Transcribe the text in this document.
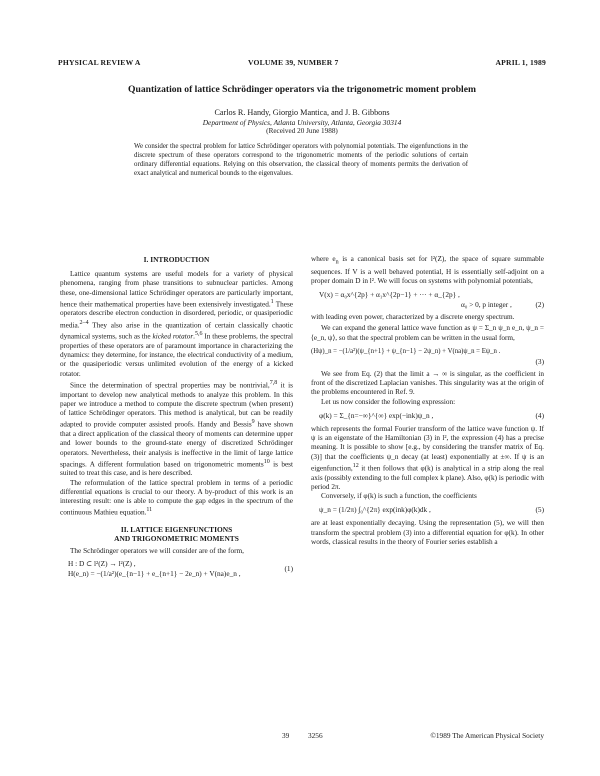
PHYSICAL REVIEW A	VOLUME 39, NUMBER 7	APRIL 1, 1989
Quantization of lattice Schrödinger operators via the trigonometric moment problem
Carlos R. Handy, Giorgio Mantica, and J. B. Gibbons
Department of Physics, Atlanta University, Atlanta, Georgia 30314
(Received 20 June 1988)

We consider the spectral problem for lattice Schrödinger operators with polynomial potentials. The eigenfunctions in the discrete spectrum of these operators correspond to the trigonometric moments of the periodic solutions of certain ordinary differential equations. Relying on this observation, the classical theory of moments permits the derivation of exact analytical and numerical bounds to the eigenvalues.

I. INTRODUCTION

Lattice quantum systems are useful models for a variety of physical phenomena, ranging from phase transitions to subnuclear particles. Among these, one-dimensional lattice Schrödinger operators are particularly important, hence their mathematical properties have been extensively investigated.$^1$ These operators describe electron conduction in disordered, periodic, or quasiperiodic media.$^{2-4}$ They also arise in the quantization of certain classically chaotic dynamical systems, such as the kicked rotator.$^{5,6}$ In these problems, the spectral properties of these operators are of paramount importance in characterizing the dynamics: they determine, for instance, the electrical conductivity of a medium, or the quasiperiodic versus unlimited evolution of the energy of a kicked rotator.

Since the determination of spectral properties may be nontrivial,$^{7,8}$ it is important to develop new analytical methods to analyze this problem. In this paper we introduce a method to compute the discrete spectrum (when present) of lattice Schrödinger operators. This method is analytical, but can be readily adapted to provide computer assisted proofs. Handy and Bessis$^9$ have shown that a direct application of the classical theory of moments can determine upper and lower bounds to the ground-state energy of discretized Schrödinger operators. Nevertheless, their analysis is ineffective in the limit of large lattice spacings. A different formulation based on trigonometric moments$^{10}$ is best suited to treat this case, and is here described.

The reformulation of the lattice spectral problem in terms of a periodic differential equations is crucial to our theory. A by-product of this work is an interesting result: one is able to compute the gap edges in the spectrum of the continuous Mathieu equation.$^{11}$

II. LATTICE EIGENFUNCTIONS

AND TRIGONOMETRIC MOMENTS

The Schrödinger operators we will consider are of the form,

H : D ⊂ l²(Z) → l²(Z) ,
H(e_n) = −(1/a²)(e_{n−1} + e_{n+1} − 2e_n) + V(na)e_n ,
(1)

where $e_n$ is a canonical basis set for l²(Z), the space of square summable sequences. If V is a well behaved potential, H is essentially self-adjoint on a proper domain D in l². We will focus on systems with polynomial potentials,

V(x) = α₀x^{2p} + α₁x^{2p−1} + ··· + α_{2p} ,
α₀ > 0, p integer ,	(2)

with leading even power, characterized by a discrete energy spectrum.

We can expand the general lattice wave function as ψ = Σ_n ψ_n e_n, ψ_n = ⟨e_n, ψ⟩, so that the spectral problem can be written in the usual form,

(Hψ)_n = −(1/a²)(ψ_{n+1} + ψ_{n−1} − 2ψ_n) + V(na)ψ_n = Eψ_n .

(3)

We see from Eq. (2) that the limit a → ∞ is singular, as the coefficient in front of the discretized Laplacian vanishes. This singularity was at the origin of the problems encountered in Ref. 9.

Let us now consider the following expression:

φ(k) = Σ_{n=−∞}^{∞} exp(−ink)ψ_n ,	(4)

which represents the formal Fourier transform of the lattice wave function ψ. If ψ is an eigenstate of the Hamiltonian (3) in l², the expression (4) has a precise meaning. It is possible to show [e.g., by considering the transfer matrix of Eq. (3)] that the coefficients ψ_n decay (at least) exponentially at ±∞. If ψ is an eigenfunction,$^{12}$ it then follows that φ(k) is analytical in a strip along the real axis (possibly extending to the full complex k plane). Also, φ(k) is periodic with period 2π.

Conversely, if φ(k) is such a function, the coefficients

ψ_n = (1/2π) ∫₀^{2π} exp(ink)φ(k)dk ,	(5)

are at least exponentially decaying. Using the representation (5), we will then transform the spectral problem (3) into a differential equation for φ(k). In other words, classical results in the theory of Fourier series establish a

39	3256	©1989 The American Physical Society
